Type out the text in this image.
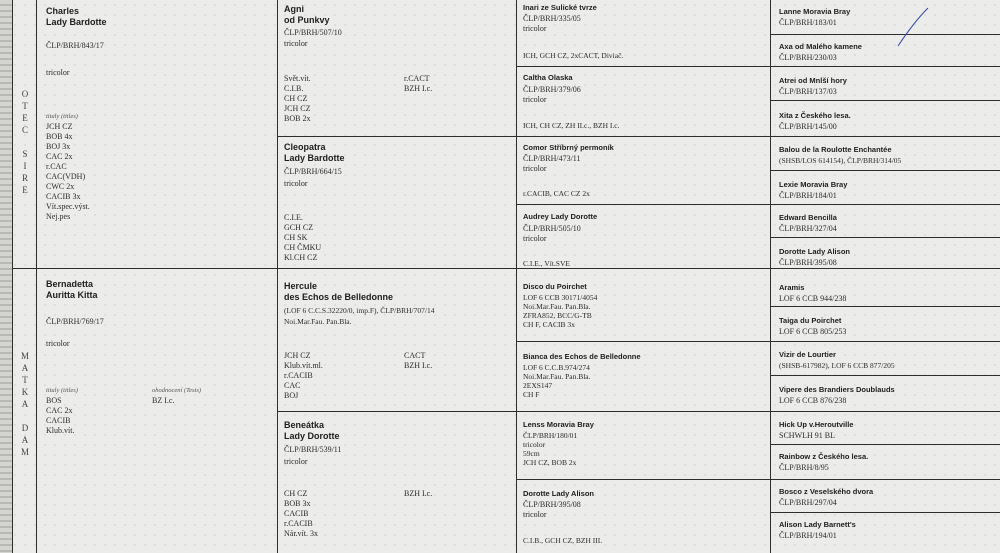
O
T
E
C
S
I
R
E
M
A
T
K
A
D
A
M
Charles
Lady Bardotte
ČLP/BRH/843/17
tricolor
tituly (titles)
JCH CZ
BOB 4x
BOJ 3x
CAC 2x
r.CAC
CAC(VDH)
CWC 2x
CACIB 3x
Vít.spec.výst.
Nej.pes
Bernadetta
Auritta Kitta
ČLP/BRH/769/17
tricolor
tituly (titles)	ohodnocení (Tests)
BZ I.c.
BOS
CAC 2x
CACIB
Klub.vít.
Agni
od Punkvy
ČLP/BRH/507/10
tricolor
Svět.vít.
C.I.B.
CH CZ
JCH CZ
BOB 2x
r.CACT
BZH I.c.
Cleopatra
Lady Bardotte
ČLP/BRH/664/15
tricolor
C.I.E.
GCH CZ
CH SK
CH ČMKU
Kl.CH CZ
Hercule
des Echos de Belledonne
(LOF 6 C.C.S.32220/0, imp.F), ČLP/BRH/707/14
Noi.Mar.Fau. Pan.Bla.
JCH CZ
Klub.vít.ml.
r.CACIB
CAC
BOJ
CACT
BZH I.c.
Beneátka
Lady Dorotte
ČLP/BRH/539/11
tricolor
CH CZ
BOB 3x
CACIB
r.CACIB
Nár.vít. 3x
BZH I.c.
Inari ze Sulické tvrze
ČLP/BRH/335/05
tricolor
ICH, GCH CZ, 2xCACT, Diviač.
Caltha Olaska
ČLP/BRH/379/06
tricolor
ICH, CH CZ, ZH II.c., BZH I.c.
Comor Stříbrný permoník
ČLP/BRH/473/11
tricolor
r.CACIB, CAC CZ 2x
Audrey Lady Dorotte
ČLP/BRH/505/10
tricolor
C.I.E., Vít.SVE
Disco du Poirchet
LOF 6 CCB 30171/4054
Noi.Mar.Fau. Pan.Bla.
ZFRA852, BCC/G-TB
CH F, CACIB 3x
Bianca des Echos de Belledonne
LOF 6 C.C.B.974/274
Noi.Mar.Fau. Pan.Bla.
2EXS147
CH F
Lenss Moravia Bray
ČLP/BRH/180/01
tricolor
59cm
JCH CZ, BOB 2x
Dorotte Lady Alison
ČLP/BRH/395/08
tricolor
C.I.B., GCH CZ, BZH III.
Lanne Moravia Bray
ČLP/BRH/183/01
Axa od Malého kamene
ČLP/BRH/230/03
Atrei od Mnlší hory
ČLP/BRH/137/03
Xita z Českého lesa.
ČLP/BRH/145/00
Balou de la Roulotte Enchantée
(SHSB/LOS 614154), ČLP/BRH/314/05
Lexie Moravia Bray
ČLP/BRH/184/01
Edward Bencilla
ČLP/BRH/327/04
Dorotte Lady Alison
ČLP/BRH/395/08
Aramis
LOF 6 CCB 944/238
Taiga du Poirchet
LOF 6 CCB 805/253
Vizir de Lourtier
(SHSB-617982), LOF 6 CCB 877/205
Vipere des Brandiers Doublauds
LOF 6 CCB 876/238
Hick Up v.Heroutville
SCHWLH 91 BL
Rainbow z Českého lesa.
ČLP/BRH/8/95
Bosco z Veselského dvora
ČLP/BRH/297/04
Alison Lady Barnett's
ČLP/BRH/194/01
